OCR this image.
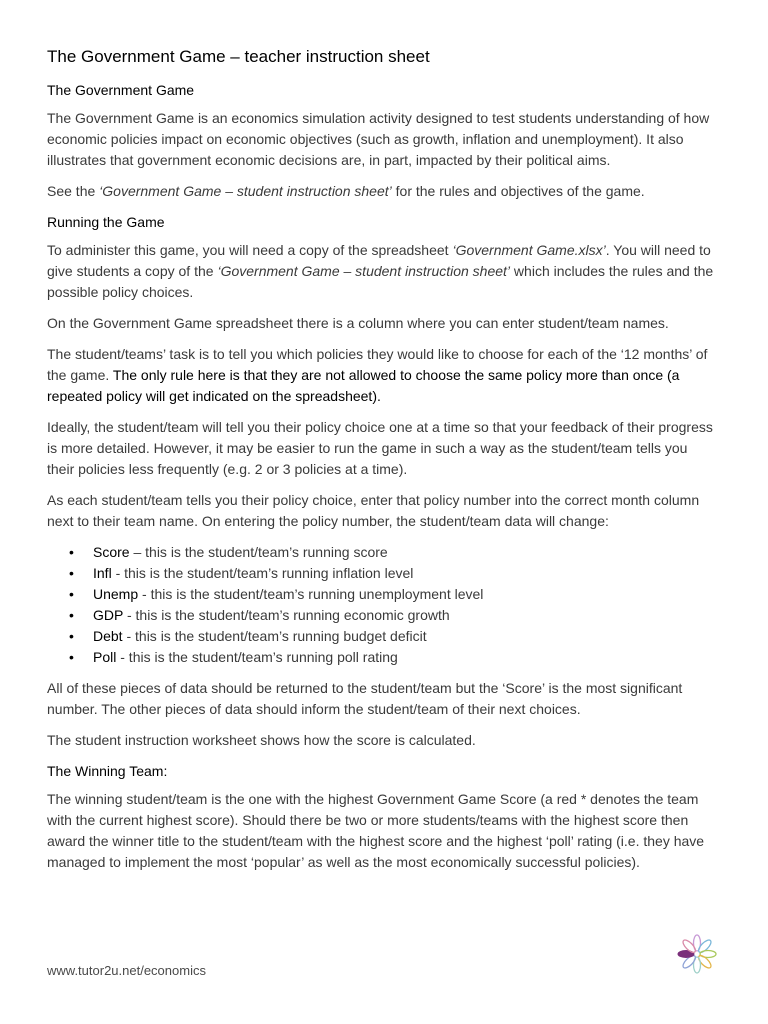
The Government Game – teacher instruction sheet
The Government Game

The Government Game is an economics simulation activity designed to test students understanding of how economic policies impact on economic objectives (such as growth, inflation and unemployment). It also illustrates that government economic decisions are, in part, impacted by their political aims.

See the ‘Government Game – student instruction sheet’ for the rules and objectives of the game.

Running the Game

To administer this game, you will need a copy of the spreadsheet ‘Government Game.xlsx’. You will need to give students a copy of the ‘Government Game – student instruction sheet’ which includes the rules and the possible policy choices.

On the Government Game spreadsheet there is a column where you can enter student/team names.

The student/teams’ task is to tell you which policies they would like to choose for each of the ‘12 months’ of the game. The only rule here is that they are not allowed to choose the same policy more than once (a repeated policy will get indicated on the spreadsheet).

Ideally, the student/team will tell you their policy choice one at a time so that your feedback of their progress is more detailed. However, it may be easier to run the game in such a way as the student/team tells you their policies less frequently (e.g. 2 or 3 policies at a time).

As each student/team tells you their policy choice, enter that policy number into the correct month column next to their team name. On entering the policy number, the student/team data will change:

• Score – this is the student/team’s running score
• Infl - this is the student/team’s running inflation level
• Unemp - this is the student/team’s running unemployment level
• GDP - this is the student/team’s running economic growth
• Debt - this is the student/team’s running budget deficit
• Poll - this is the student/team’s running poll rating

All of these pieces of data should be returned to the student/team but the ‘Score’ is the most significant number. The other pieces of data should inform the student/team of their next choices.

The student instruction worksheet shows how the score is calculated.

The Winning Team:

The winning student/team is the one with the highest Government Game Score (a red * denotes the team with the current highest score). Should there be two or more students/teams with the highest score then award the winner title to the student/team with the highest score and the highest ‘poll’ rating (i.e. they have managed to implement the most ‘popular’ as well as the most economically successful policies).

www.tutor2u.net/economics
